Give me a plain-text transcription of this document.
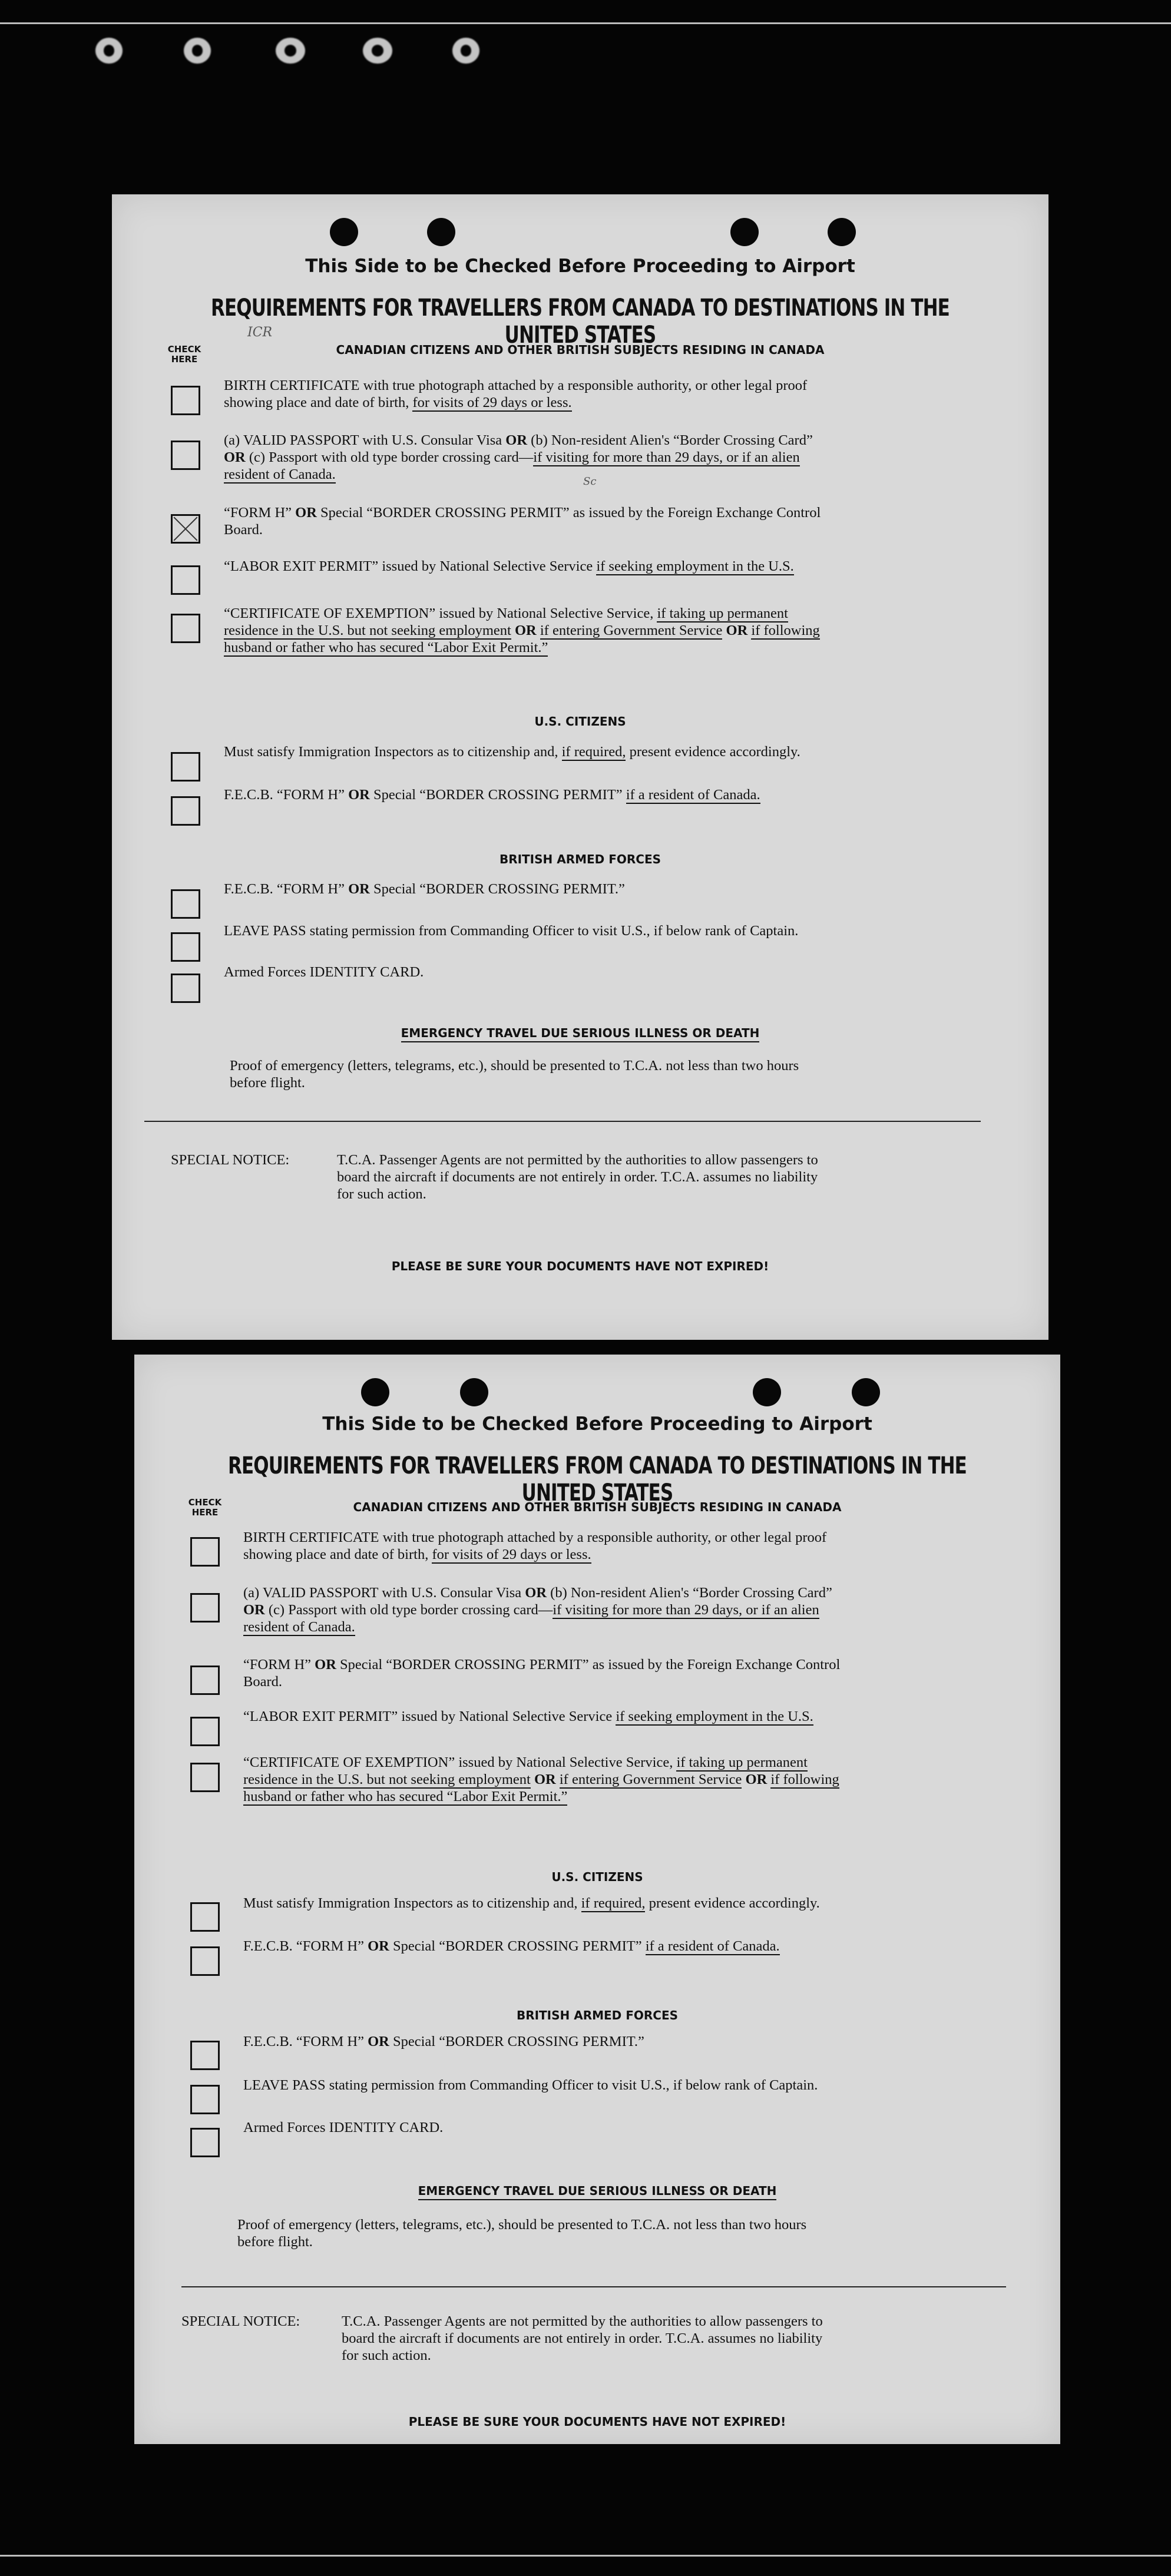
This Side to be Checked Before Proceeding to Airport
REQUIREMENTS FOR TRAVELLERS FROM CANADA TO DESTINATIONS IN THE UNITED STATES
CHECK HERE
ICR
CANADIAN CITIZENS AND OTHER BRITISH SUBJECTS RESIDING IN CANADA
BIRTH CERTIFICATE with true photograph attached by a responsible authority, or other legal proof
showing place and date of birth, for visits of 29 days or less.
(a) VALID PASSPORT with U.S. Consular Visa OR (b) Non-resident Alien's “Border Crossing Card”
OR (c) Passport with old type border crossing card—if visiting for more than 29 days, or if an alien
resident of Canada.	Sc
“FORM H” OR Special “BORDER CROSSING PERMIT” as issued by the Foreign Exchange Control
Board.
“LABOR EXIT PERMIT” issued by National Selective Service if seeking employment in the U.S.
“CERTIFICATE OF EXEMPTION” issued by National Selective Service, if taking up permanent
residence in the U.S. but not seeking employment OR if entering Government Service OR if following
husband or father who has secured “Labor Exit Permit.”
U.S. CITIZENS
Must satisfy Immigration Inspectors as to citizenship and, if required, present evidence accordingly.
F.E.C.B. “FORM H” OR Special “BORDER CROSSING PERMIT” if a resident of Canada.
BRITISH ARMED FORCES
F.E.C.B. “FORM H” OR Special “BORDER CROSSING PERMIT.”
LEAVE PASS stating permission from Commanding Officer to visit U.S., if below rank of Captain.
Armed Forces IDENTITY CARD.
EMERGENCY TRAVEL DUE SERIOUS ILLNESS OR DEATH
Proof of emergency (letters, telegrams, etc.), should be presented to T.C.A. not less than two hours
before flight.
SPECIAL NOTICE:	T.C.A. Passenger Agents are not permitted by the authorities to allow passengers to
board the aircraft if documents are not entirely in order. T.C.A. assumes no liability
for such action.
PLEASE BE SURE YOUR DOCUMENTS HAVE NOT EXPIRED!
This Side to be Checked Before Proceeding to Airport
REQUIREMENTS FOR TRAVELLERS FROM CANADA TO DESTINATIONS IN THE UNITED STATES
CHECK HERE	CANADIAN CITIZENS AND OTHER BRITISH SUBJECTS RESIDING IN CANADA
BIRTH CERTIFICATE with true photograph attached by a responsible authority, or other legal proof
showing place and date of birth, for visits of 29 days or less.
(a) VALID PASSPORT with U.S. Consular Visa OR (b) Non-resident Alien's “Border Crossing Card”
OR (c) Passport with old type border crossing card—if visiting for more than 29 days, or if an alien
resident of Canada.
“FORM H” OR Special “BORDER CROSSING PERMIT” as issued by the Foreign Exchange Control
Board.
“LABOR EXIT PERMIT” issued by National Selective Service if seeking employment in the U.S.
“CERTIFICATE OF EXEMPTION” issued by National Selective Service, if taking up permanent
residence in the U.S. but not seeking employment OR if entering Government Service OR if following
husband or father who has secured “Labor Exit Permit.”
U.S. CITIZENS
Must satisfy Immigration Inspectors as to citizenship and, if required, present evidence accordingly.
F.E.C.B. “FORM H” OR Special “BORDER CROSSING PERMIT” if a resident of Canada.
BRITISH ARMED FORCES
F.E.C.B. “FORM H” OR Special “BORDER CROSSING PERMIT.”
LEAVE PASS stating permission from Commanding Officer to visit U.S., if below rank of Captain.
Armed Forces IDENTITY CARD.
EMERGENCY TRAVEL DUE SERIOUS ILLNESS OR DEATH
Proof of emergency (letters, telegrams, etc.), should be presented to T.C.A. not less than two hours
before flight.
SPECIAL NOTICE:	T.C.A. Passenger Agents are not permitted by the authorities to allow passengers to
board the aircraft if documents are not entirely in order. T.C.A. assumes no liability
for such action.
PLEASE BE SURE YOUR DOCUMENTS HAVE NOT EXPIRED!
